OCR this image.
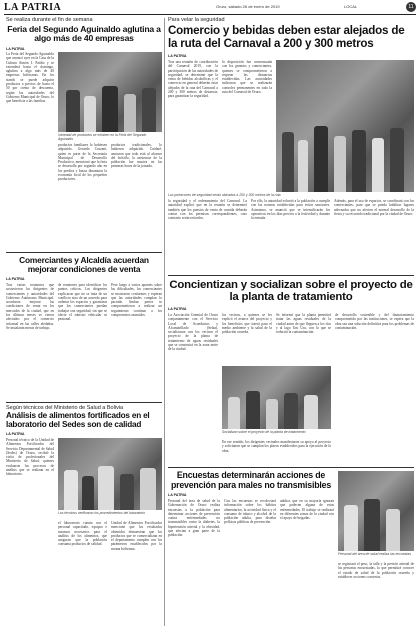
LA PATRIA	Oruro, sábado 26 de enero de 2019	LOCAL	11
Se realiza durante el fin de semana
Feria del Segundo Aguinaldo aglutina a algo más de 40 empresas
LA PATRIA
La Feria del Segundo Aguinaldo que arrancó ayer en la Casa de la Cultura Simón I. Patiño y se extenderá hasta el domingo, aglutina a algo más de 40 empresas bolivianas. En los stands se puede adquirir productos a precios de hasta el 50 por ciento de descuento, según las autoridades del Gobierno Municipal de Oruro, lo que beneficia a las familias.
Variedad de productos se exhiben en la Feria del Segundo Aguinaldo
productos familiares lo hubiesen adquirido. Gerardo Cruzani, quien es parte de la Secretaría Municipal de Desarrollo Productivo, mencionó que la feria se desarrolla por segundo año en los predios y busca dinamizar la economía local de los pequeños productores.
productos tradicionales, lo hubiesen adquirido. Cuidaré, anotaron que todo está al alcance del bolsillo; la asistencia de la población fue masiva en las primeras horas de la jornada.
Comerciantes y Alcaldía acuerdan mejorar condiciones de venta
LA PATRIA
Tras varias reuniones que sostuvieron los dirigentes de comerciantes y autoridades del Gobierno Autónomo Municipal, acordaron mejorar las condiciones de venta en los mercados de la ciudad, que en los últimos meses se vieron afectados por el comercio informal en las calles aledañas. Se instalarán mesas de trabajo.
de reuniones para identificar los puntos críticos. Los dirigentes explicaron que no se trata de un conflicto sino de un acuerdo para ordenar los espacios y garantizar que los comerciantes puedan trabajar con seguridad, sin que se afecte el tránsito vehicular ni peatonal.
Pese luego a varios apuntes sobre las dificultades, los comerciantes se mostraron conformes y esperan que las autoridades cumplan lo pactado. Ambas partes se comprometieron a realizar un seguimiento continuo a los compromisos asumidos.
Según técnicos del Ministerio de Salud a Bolivia
Análisis de alimentos fortificados en el laboratorio del Sedes son de calidad
LA PATRIA
Personal técnico de la Unidad de Alimentos Fortificados del Servicio Departamental de Salud (Sedes) de Oruro, recibió la visita de profesionales del Ministerio de Salud, quienes evaluaron los procesos de análisis que se realizan en el laboratorio.
Los técnicos verificaron los procedimientos del laboratorio
el laboratorio cuenta con el personal capacitado, equipos e insumos necesarios para el análisis de los alimentos, que aseguran que la población consuma productos de calidad.
Unidad de Alimentos Fortificados mencionó que los resultados obtenidos demuestran que los productos que se comercializan en el departamento cumplen con los parámetros establecidos por la norma boliviana.
Para velar la seguridad
Comercio y bebidas deben estar alejados de la ruta del Carnaval a 200 y 300 metros
LA PATRIA
Tras una reunión de coordinación del Carnaval 2019, con la participación de las autoridades de seguridad, se determinó que la venta de bebidas alcohólicas y el comercio en general deberán estar alejados de la ruta del Carnaval a 200 y 300 metros de distancia, para garantizar la seguridad.
la disposición fue consensuada con los gremios y comerciantes, quienes se comprometieron a respetar las distancias establecidas. Las autoridades indicaron que se realizarán controles permanentes en toda la ruta del Carnaval de Oruro.
Los portavoces de seguridad serán ubicados a 200 y 300 metros de la ruta
la seguridad y el ordenamiento del Carnaval. La autoridad explicó que en la reunión se determinó también que los puestos de venta de comida deberán contar con los permisos correspondientes, caso contrario serán retirados.
Por ello, la autoridad exhortó a la población a cumplir con las normas establecidas para evitar sanciones. Asimismo, se anunció que se intensificarán los operativos en los días previos a la festividad y durante la entrada.
Además, para el uso de espacios, se coordinará con los comerciantes, para que se pueda habilitar lugares adecuados que no afecten el normal desarrollo de la fiesta y su recorrido tradicional por la ciudad de Oruro.
Concientizan y socializan sobre el proyecto de la planta de tratamiento
LA PATRIA
La Asociación Gremial de Oruro conjuntamente con el Servicio Local de Acueductos y Alcantarillado (Selaa), socializaron con los vecinos el proyecto de la planta de tratamiento de aguas residuales que se construirá en la zona norte de la ciudad.
los vecinos, a quienes se les explicó el avance del proyecto y los beneficios que traerá para el medio ambiente y la salud de la población orureña.
Socializan sobre el proyecto de la planta de tratamiento
Se informó que la planta permitirá tratar las aguas residuales de la ciudad antes de que lleguen a los ríos y al lago Uru Uru, con lo que se reducirá la contaminación.
En ese sentido, los dirigentes vecinales manifestaron su apoyo al proyecto y solicitaron que se cumplan los plazos establecidos para la ejecución de la obra.
de desarrollo sostenible y del financiamiento comprometido por las instituciones, se espera que la obra sea una solución definitiva para los problemas de contaminación.
Encuestas determinarán acciones de prevención para males no transmisibles
LA PATRIA
Personal del área de salud de la Gobernación de Oruro realiza encuestas a la población para determinar acciones de prevención contra enfermedades no transmisibles como la diabetes, la hipertensión arterial y la obesidad, que afectan a gran parte de la población.
Con las encuestas se recolectará información sobre los hábitos alimentarios, la actividad física y el consumo de tabaco y alcohol de la población adulta, para diseñar políticas públicas de prevención.
adultos que en su mayoría ignoran que padecen alguna de estas enfermedades. El trabajo se realizará en diferentes zonas de la ciudad con el apoyo de brigadas.
Personal del área de salud realiza las encuestas
se registrará el peso, la talla y la presión arterial de las personas encuestadas, lo que permitirá conocer el estado de salud de la población orureña y establecer acciones concretas.
